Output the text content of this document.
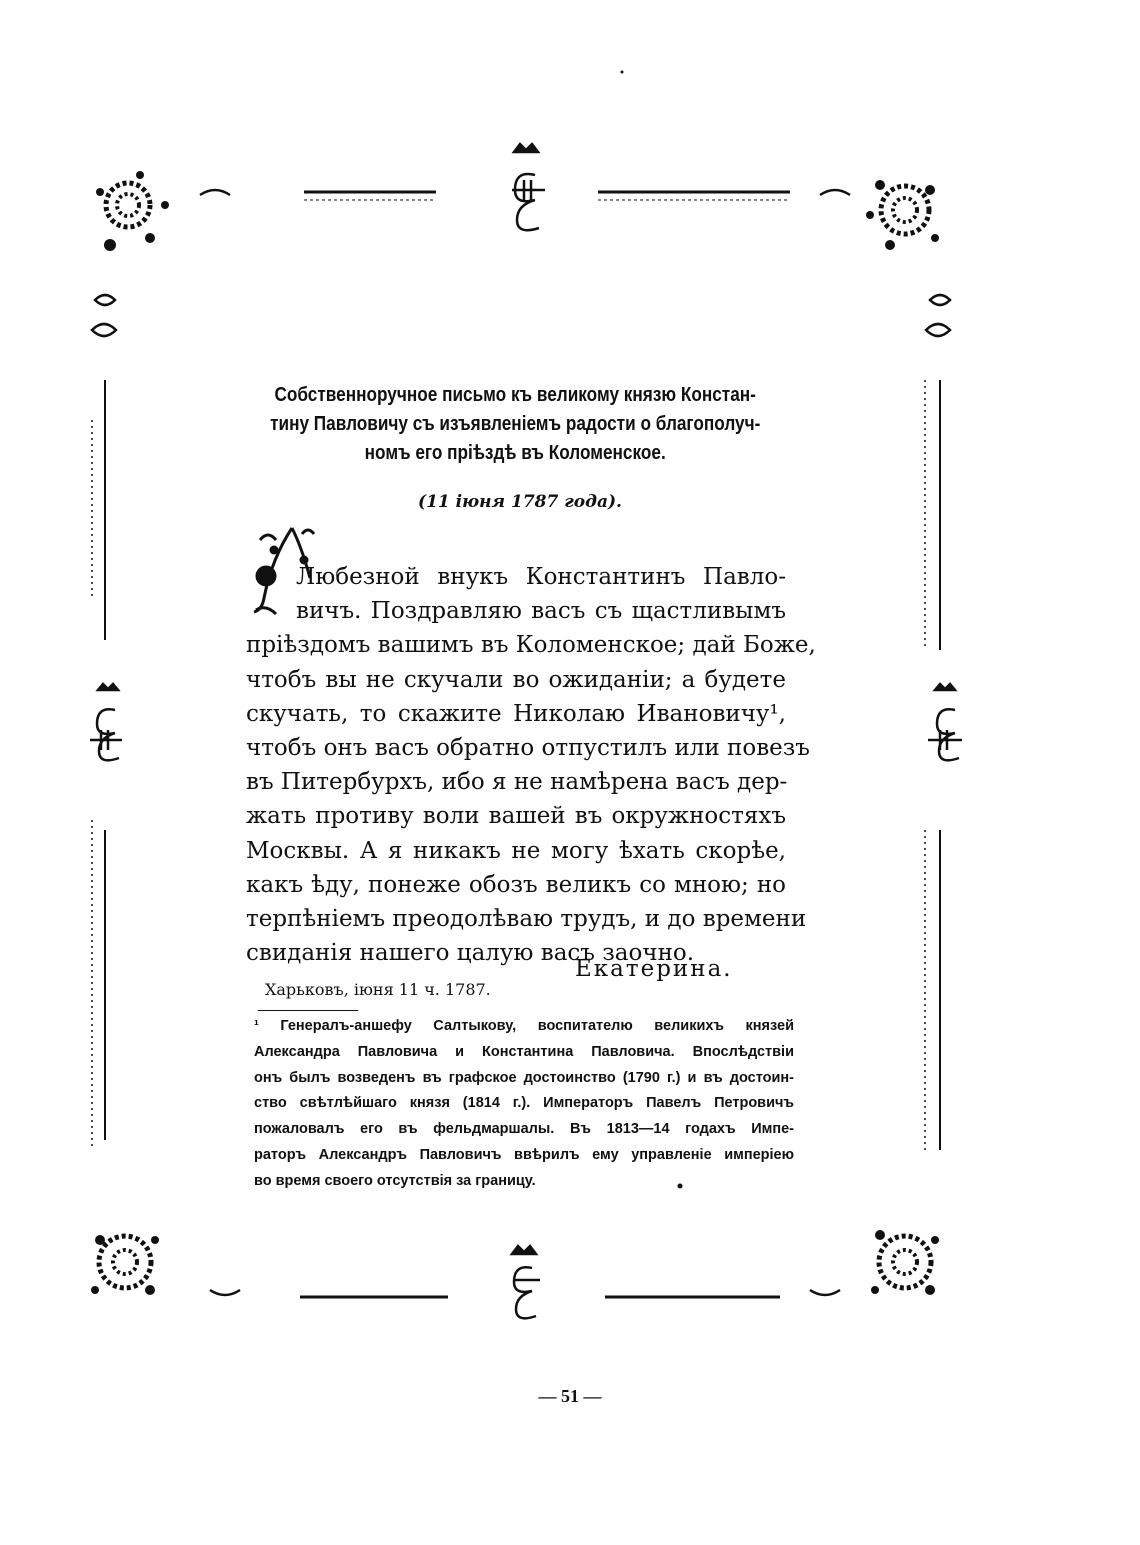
Собственноручное письмо къ великому князю Констан-
тину Павловичу съ изъявленіемъ радости о благополуч-
номъ его пріѣздѣ въ Коломенское.
(11 іюня 1787 года).
Любезной внукъ Константинъ Павло-
вичъ. Поздравляю васъ съ щастливымъ
пріѣздомъ вашимъ въ Коломенское; дай Боже,
чтобъ вы не скучали во ожиданіи; а будете
скучать, то скажите Николаю Ивановичу¹,
чтобъ онъ васъ обратно отпустилъ или повезъ
въ Питербурхъ, ибо я не намѣрена васъ дер-
жать противу воли вашей въ окружностяхъ
Москвы. А я никакъ не могу ѣхать скорѣе,
какъ ѣду, понеже обозъ великъ со мною; но
терпѣніемъ преодолѣваю трудъ, и до времени
свиданія нашего цалую васъ заочно.
Екатерина.
Харьковъ, іюня 11 ч. 1787.
¹ Генералъ-аншефу Салтыкову, воспитателю великихъ князей
Александра Павловича и Константина Павловича. Впослѣдствіи
онъ былъ возведенъ въ графское достоинство (1790 г.) и въ достоин-
ство свѣтлѣйшаго князя (1814 г.). Императоръ Павелъ Петровичъ
пожаловалъ его въ фельдмаршалы. Въ 1813—14 годахъ Импе-
раторъ Александръ Павловичъ ввѣрилъ ему управленіе имперіею
во время своего отсутствія за границу.
— 51 —
